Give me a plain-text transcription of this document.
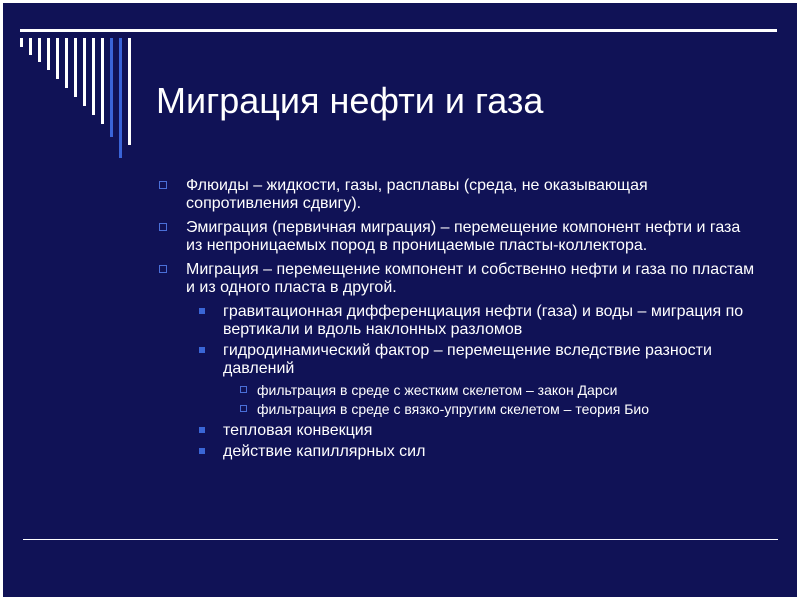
Миграция нефти и газа
Флюиды – жидкости, газы, расплавы (среда, не оказывающая сопротивления сдвигу).
Эмиграция (первичная миграция) – перемещение компонент нефти и газа из непроницаемых пород в проницаемые пласты-коллектора.
Миграция – перемещение компонент и собственно нефти и газа по пластам и из одного пласта в другой.
гравитационная дифференциация нефти (газа) и воды – миграция по вертикали и вдоль наклонных разломов
гидродинамический фактор – перемещение вследствие разности давлений
фильтрация в среде с жестким скелетом – закон Дарси
фильтрация в среде с вязко-упругим скелетом – теория Био
тепловая конвекция
действие капиллярных сил
